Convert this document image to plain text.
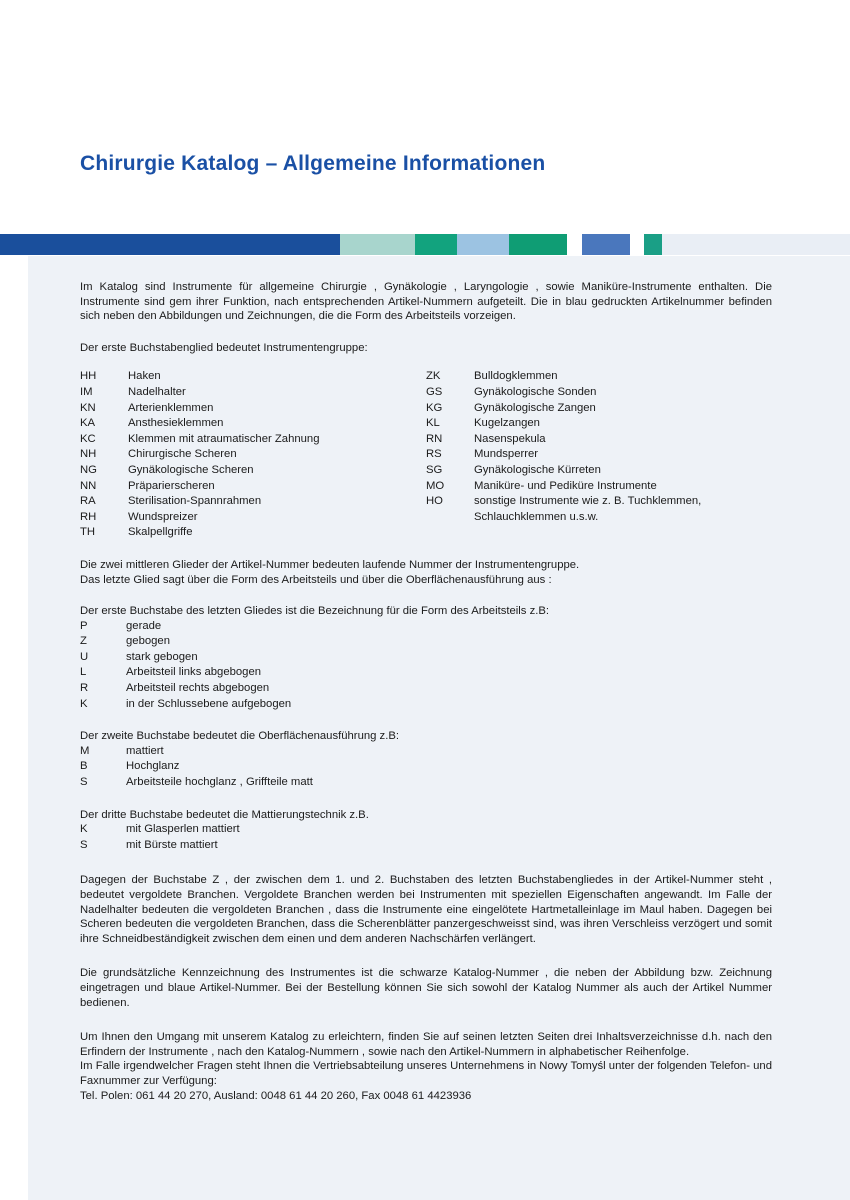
Chirurgie Katalog – Allgemeine Informationen

Im Katalog sind Instrumente für allgemeine Chirurgie , Gynäkologie , Laryngologie , sowie Maniküre-Instrumente enthalten. Die Instrumente sind gem ihrer Funktion, nach entsprechenden Artikel-Nummern aufgeteilt. Die in blau gedruckten Artikelnummer befinden sich neben den Abbildungen und Zeichnungen, die die Form des Arbeitsteils vorzeigen.

Der erste Buchstabenglied bedeutet Instrumentengruppe:

HH	Haken
IM	Nadelhalter
KN	Arterienklemmen
KA	Ansthesieklemmen
KC	Klemmen mit atraumatischer Zahnung
NH	Chirurgische Scheren
NG	Gynäkologische Scheren
NN	Präparierscheren
RA	Sterilisation-Spannrahmen
RH	Wundspreizer
TH	Skalpellgriffe
ZK	Bulldogklemmen
GS	Gynäkologische Sonden
KG	Gynäkologische Zangen
KL	Kugelzangen
RN	Nasenspekula
RS	Mundsperrer
SG	Gynäkologische Kürreten
MO	Maniküre- und Pediküre Instrumente
HO	sonstige Instrumente wie z. B. Tuchklemmen,
Schlauchklemmen u.s.w.

Die zwei mittleren Glieder der Artikel-Nummer bedeuten laufende Nummer der Instrumentengruppe.

Das letzte Glied sagt über die Form des Arbeitsteils und über die Oberflächenausführung aus :

Der erste Buchstabe des letzten Gliedes ist die Bezeichnung für die Form des Arbeitsteils z.B:

P	gerade
Z	gebogen
U	stark gebogen
L	Arbeitsteil links abgebogen
R	Arbeitsteil rechts abgebogen
K	in der Schlussebene aufgebogen

Der zweite Buchstabe bedeutet die Oberflächenausführung z.B:

M	mattiert
B	Hochglanz
S	Arbeitsteile hochglanz , Griffteile matt

Der dritte Buchstabe bedeutet die Mattierungstechnik z.B.

K	mit Glasperlen mattiert
S	mit Bürste mattiert

Dagegen der Buchstabe Z , der zwischen dem 1. und 2. Buchstaben des letzten Buchstabengliedes in der Artikel-Nummer steht , bedeutet vergoldete Branchen. Vergoldete Branchen werden bei Instrumenten mit speziellen Eigenschaften angewandt. Im Falle der Nadelhalter bedeuten die vergoldeten Branchen , dass die Instrumente eine eingelötete Hartmetalleinlage im Maul haben. Dagegen bei Scheren bedeuten die vergoldeten Branchen, dass die Scherenblätter panzergeschweisst sind, was ihren Verschleiss verzögert und somit ihre Schneidbeständigkeit zwischen dem einen und dem anderen Nachschärfen verlängert.

Die grundsätzliche Kennzeichnung des Instrumentes ist die schwarze Katalog-Nummer , die neben der Abbildung bzw. Zeichnung eingetragen und blaue Artikel-Nummer. Bei der Bestellung können Sie sich sowohl der Katalog Nummer als auch der Artikel Nummer bedienen.

Um Ihnen den Umgang mit unserem Katalog zu erleichtern, finden Sie auf seinen letzten Seiten drei Inhaltsverzeichnisse d.h. nach den Erfindern der Instrumente , nach den Katalog-Nummern , sowie nach den Artikel-Nummern in alphabetischer Reihenfolge.

Im Falle irgendwelcher Fragen steht Ihnen die Vertriebsabteilung unseres Unternehmens in Nowy Tomyśl unter der folgenden Telefon- und Faxnummer zur Verfügung:

Tel. Polen: 061 44 20 270, Ausland: 0048 61 44 20 260, Fax 0048 61 4423936
